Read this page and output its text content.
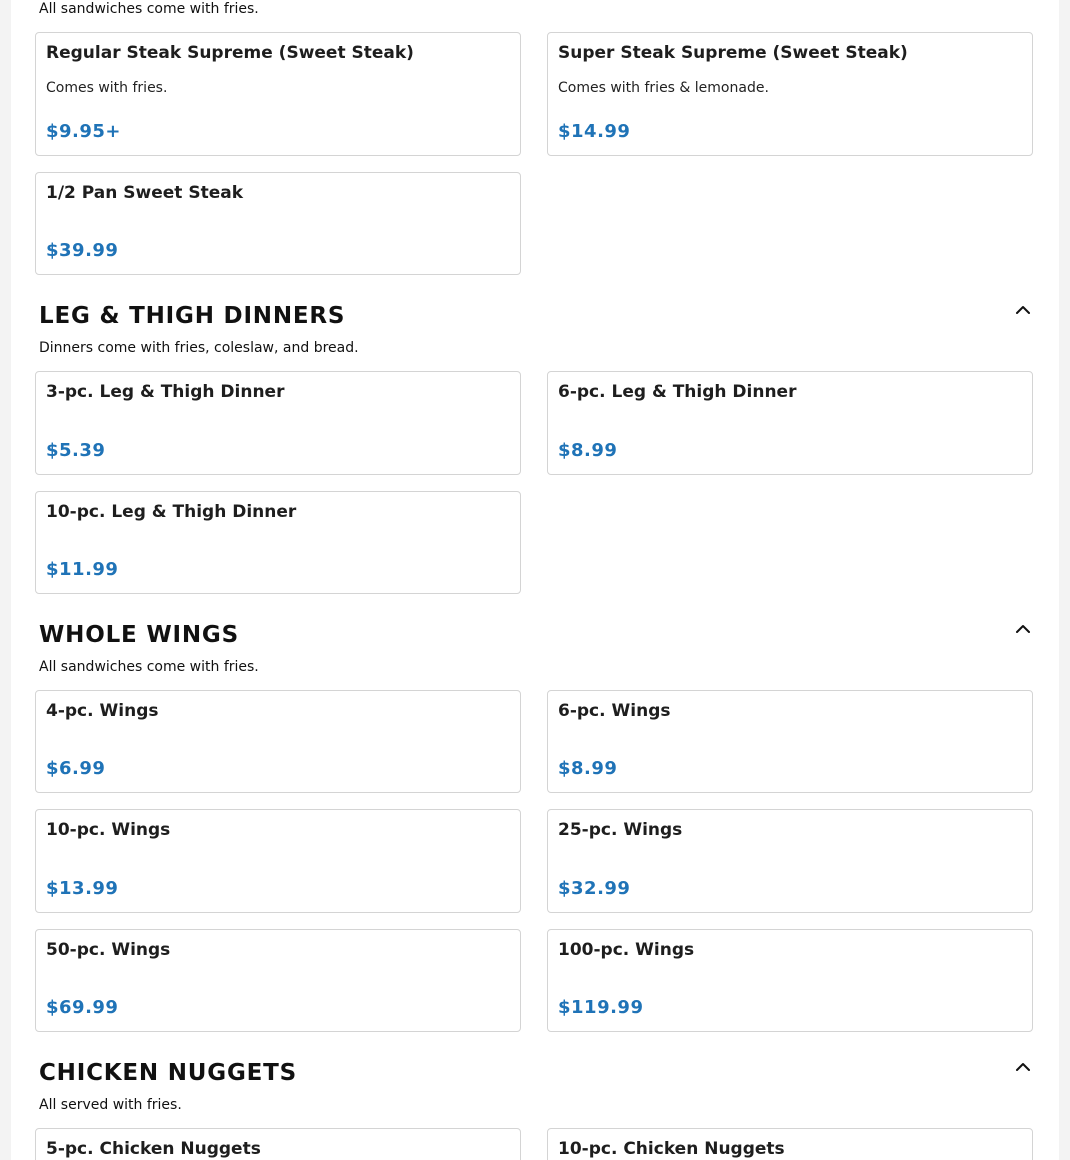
All sandwiches come with fries.
Regular Steak Supreme (Sweet Steak)
Comes with fries.
$9.95+
Super Steak Supreme (Sweet Steak)
Comes with fries & lemonade.
$14.99
1/2 Pan Sweet Steak
$39.99
LEG & THIGH DINNERS
Dinners come with fries, coleslaw, and bread.
3-pc. Leg & Thigh Dinner
$5.39
6-pc. Leg & Thigh Dinner
$8.99
10-pc. Leg & Thigh Dinner
$11.99
WHOLE WINGS
All sandwiches come with fries.
4-pc. Wings
$6.99
6-pc. Wings
$8.99
10-pc. Wings
$13.99
25-pc. Wings
$32.99
50-pc. Wings
$69.99
100-pc. Wings
$119.99
CHICKEN NUGGETS
All served with fries.
5-pc. Chicken Nuggets	10-pc. Chicken Nuggets
